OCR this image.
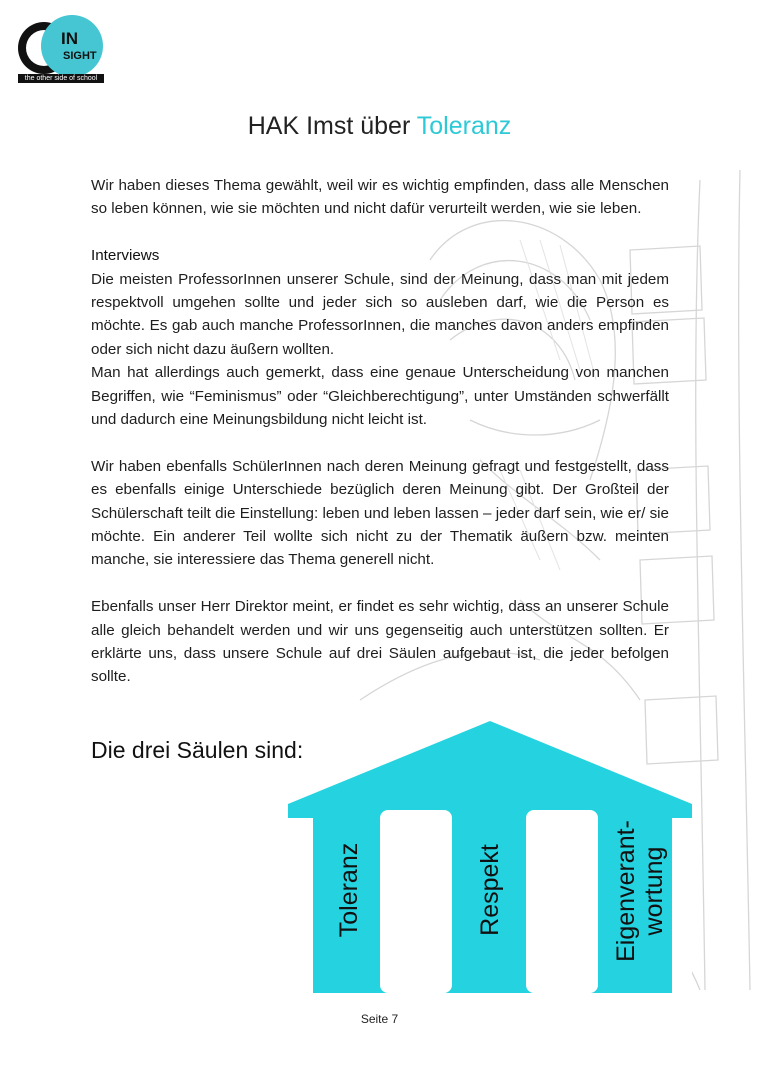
IN
SIGHT
the other side of school
HAK Imst über Toleranz

Wir haben dieses Thema gewählt, weil wir es wichtig empfinden, dass alle Menschen so leben können, wie sie möchten und nicht dafür verurteilt werden, wie sie leben.

Interviews

Die meisten ProfessorInnen unserer Schule, sind der Meinung, dass man mit jedem respektvoll umgehen sollte und jeder sich so ausleben darf, wie die Person es möchte. Es gab auch manche ProfessorInnen, die manches davon anders empfinden oder sich nicht dazu äußern wollten.

Man hat allerdings auch gemerkt, dass eine genaue Unterscheidung von manchen Begriffen, wie “Feminismus” oder “Gleichberechtigung”, unter Umständen schwerfällt und dadurch eine Meinungsbildung nicht leicht ist.

Wir haben ebenfalls SchülerInnen nach deren Meinung gefragt und festgestellt, dass es ebenfalls einige Unterschiede bezüglich deren Meinung gibt. Der Großteil der Schülerschaft teilt die Einstellung: leben und leben lassen – jeder darf sein, wie er/ sie möchte. Ein anderer Teil wollte sich nicht zu der Thematik äußern bzw. meinten manche, sie interessiere das Thema generell nicht.

Ebenfalls unser Herr Direktor meint, er findet es sehr wichtig, dass an unserer Schule alle gleich behandelt werden und wir uns gegenseitig auch unterstützen sollten. Er erklärte uns, dass unsere Schule auf drei Säulen aufgebaut ist, die jeder befolgen sollte.

Die drei Säulen sind:
Toleranz	Respekt	Eigenverant- wortung
Seite 7
